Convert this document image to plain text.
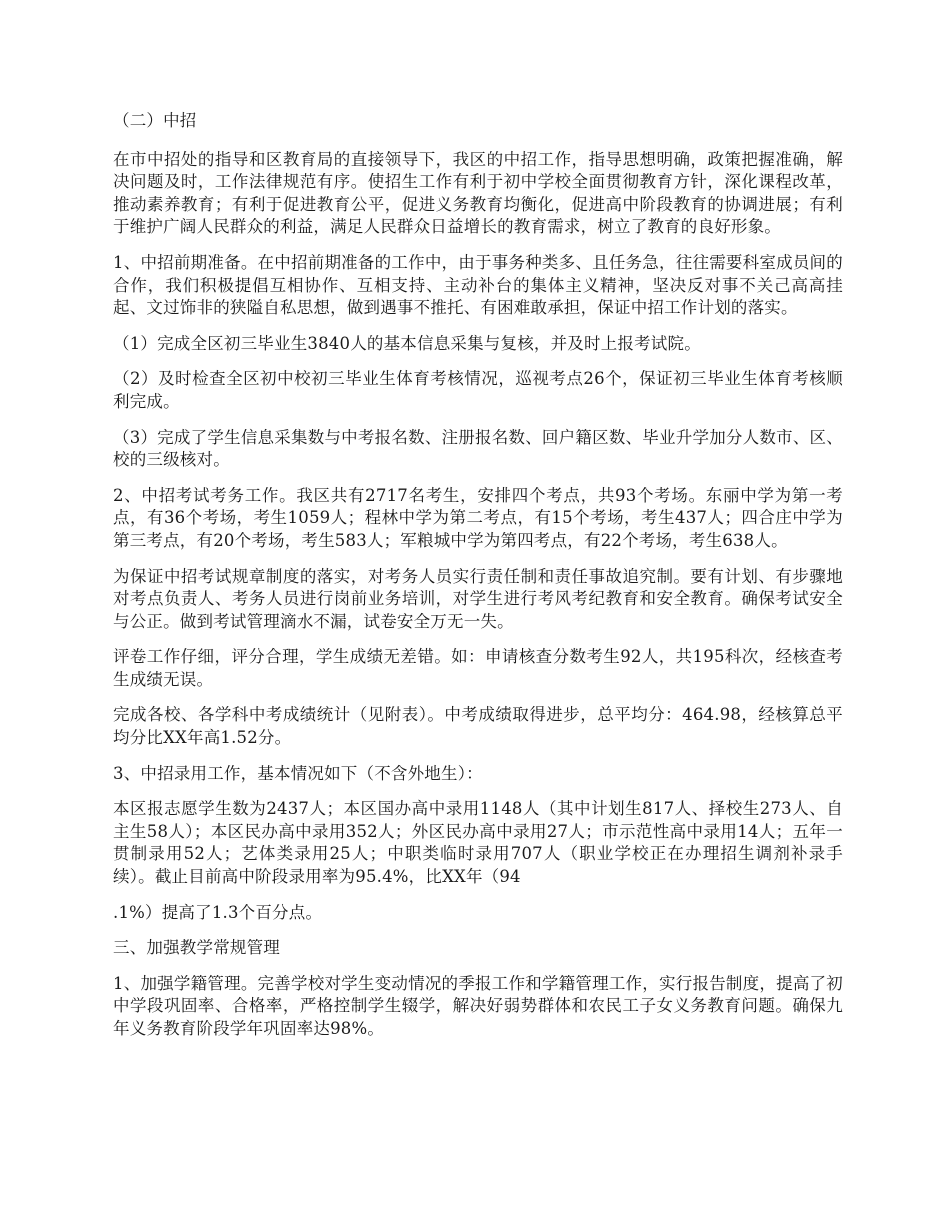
（二）中招

在市中招处的指导和区教育局的直接领导下，我区的中招工作，指导思想明确，政策把握准确，解决问题及时，工作法律规范有序。使招生工作有利于初中学校全面贯彻教育方针，深化课程改革，推动素养教育；有利于促进教育公平，促进义务教育均衡化，促进高中阶段教育的协调进展；有利于维护广阔人民群众的利益，满足人民群众日益增长的教育需求，树立了教育的良好形象。

1、中招前期准备。在中招前期准备的工作中，由于事务种类多、且任务急，往往需要科室成员间的合作，我们积极提倡互相协作、互相支持、主动补台的集体主义精神，坚决反对事不关己高高挂起、文过饰非的狭隘自私思想，做到遇事不推托、有困难敢承担，保证中招工作计划的落实。

（1）完成全区初三毕业生3840人的基本信息采集与复核，并及时上报考试院。

（2）及时检查全区初中校初三毕业生体育考核情况，巡视考点26个，保证初三毕业生体育考核顺利完成。

（3）完成了学生信息采集数与中考报名数、注册报名数、回户籍区数、毕业升学加分人数市、区、校的三级核对。

2、中招考试考务工作。我区共有2717名考生，安排四个考点，共93个考场。东丽中学为第一考点，有36个考场，考生1059人；程林中学为第二考点，有15个考场，考生437人；四合庄中学为第三考点，有20个考场，考生583人；军粮城中学为第四考点，有22个考场，考生638人。

为保证中招考试规章制度的落实，对考务人员实行责任制和责任事故追究制。要有计划、有步骤地对考点负责人、考务人员进行岗前业务培训，对学生进行考风考纪教育和安全教育。确保考试安全与公正。做到考试管理滴水不漏，试卷安全万无一失。

评卷工作仔细，评分合理，学生成绩无差错。如：申请核查分数考生92人，共195科次，经核查考生成绩无误。

完成各校、各学科中考成绩统计（见附表）。中考成绩取得进步，总平均分：464.98，经核算总平均分比XX年高1.52分。

3、中招录用工作，基本情况如下（不含外地生）：

本区报志愿学生数为2437人；本区国办高中录用1148人（其中计划生817人、择校生273人、自主生58人）；本区民办高中录用352人；外区民办高中录用27人；市示范性高中录用14人；五年一贯制录用52人；艺体类录用25人；中职类临时录用707人（职业学校正在办理招生调剂补录手续）。截止目前高中阶段录用率为95.4%，比XX年（94

.1%）提高了1.3个百分点。

三、加强教学常规管理

1、加强学籍管理。完善学校对学生变动情况的季报工作和学籍管理工作，实行报告制度，提高了初中学段巩固率、合格率，严格控制学生辍学，解决好弱势群体和农民工子女义务教育问题。确保九年义务教育阶段学年巩固率达98%。
